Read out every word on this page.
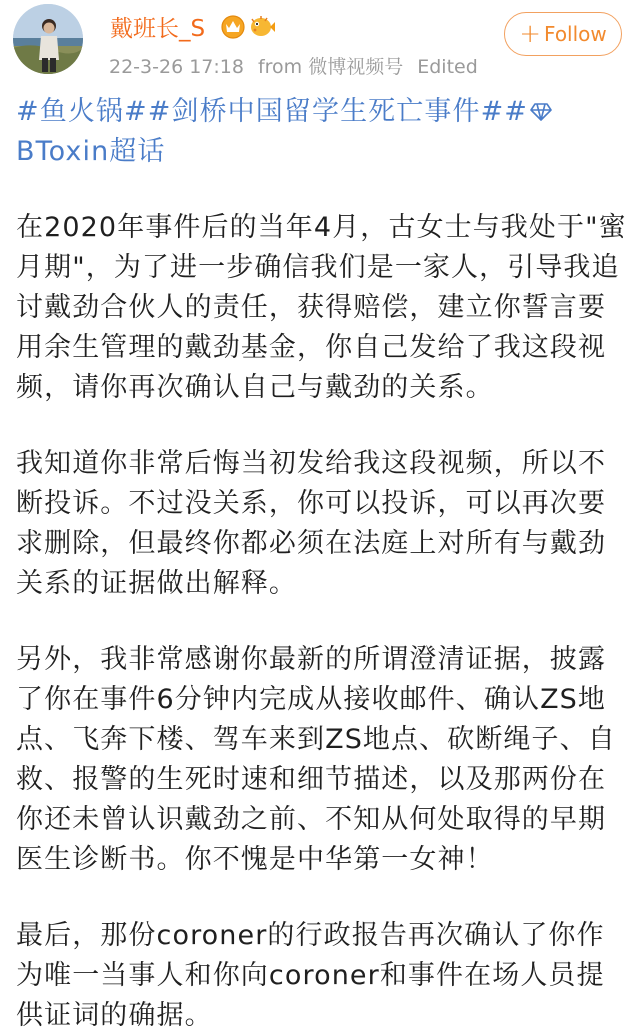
戴班长_S
22-3-26 17:18 from 微博视频号 Edited
+ Follow

#鱼火锅##剑桥中国留学生死亡事件##BToxin超话

在2020年事件后的当年4月，古女士与我处于"蜜月期"，为了进一步确信我们是一家人，引导我追讨戴劲合伙人的责任，获得赔偿，建立你誓言要用余生管理的戴劲基金，你自己发给了我这段视频，请你再次确认自己与戴劲的关系。

我知道你非常后悔当初发给我这段视频，所以不断投诉。不过没关系，你可以投诉，可以再次要求删除，但最终你都必须在法庭上对所有与戴劲关系的证据做出解释。

另外，我非常感谢你最新的所谓澄清证据，披露了你在事件6分钟内完成从接收邮件、确认ZS地点、飞奔下楼、驾车来到ZS地点、砍断绳子、自救、报警的生死时速和细节描述，以及那两份在你还未曾认识戴劲之前、不知从何处取得的早期医生诊断书。你不愧是中华第一女神！

最后，那份coroner的行政报告再次确认了你作为唯一当事人和你向coroner和事件在场人员提供证词的确据。
